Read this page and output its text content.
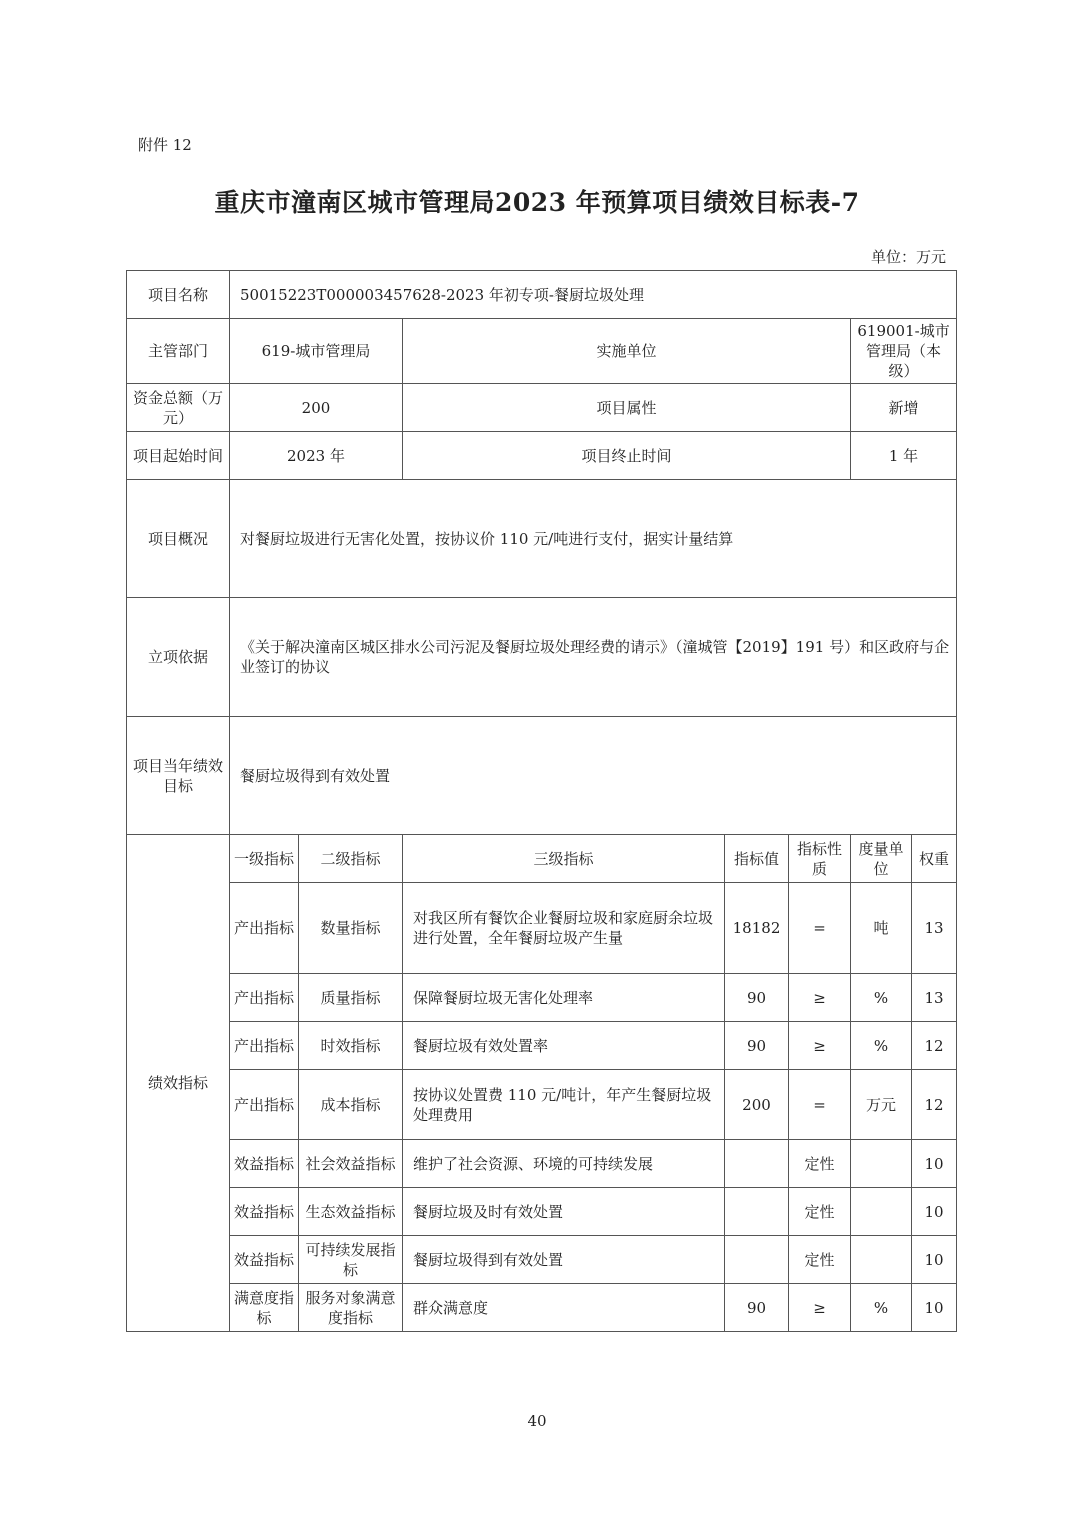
附件 12
重庆市潼南区城市管理局2023 年预算项目绩效目标表-7
单位：万元
项目名称	50015223T000003457628-2023 年初专项-餐厨垃圾处理						
主管部门	619-城市管理局		实施单位			619001-城市管理局（本级）	
资金总额（万元）	200		项目属性			新增	
项目起始时间	2023 年		项目终止时间			1 年	
项目概况	对餐厨垃圾进行无害化处置，按协议价 110 元/吨进行支付，据实计量结算						
立项依据	《关于解决潼南区城区排水公司污泥及餐厨垃圾处理经费的请示》（潼城管【2019】191 号）和区政府与企业签订的协议						
项目当年绩效目标	餐厨垃圾得到有效处置						
绩效指标	一级指标	二级指标	三级指标	指标值	指标性质	度量单位	权重
	产出指标	数量指标	对我区所有餐饮企业餐厨垃圾和家庭厨余垃圾进行处置，全年餐厨垃圾产生量	18182	=	吨	13
	产出指标	质量指标	保障餐厨垃圾无害化处理率	90	≥	%	13
	产出指标	时效指标	餐厨垃圾有效处置率	90	≥	%	12
	产出指标	成本指标	按协议处置费 110 元/吨计，年产生餐厨垃圾处理费用	200	=	万元	12
	效益指标	社会效益指标	维护了社会资源、环境的可持续发展		定性		10
	效益指标	生态效益指标	餐厨垃圾及时有效处置		定性		10
	效益指标	可持续发展指标	餐厨垃圾得到有效处置		定性		10
	满意度指标	服务对象满意度指标	群众满意度	90	≥	%	10
40
